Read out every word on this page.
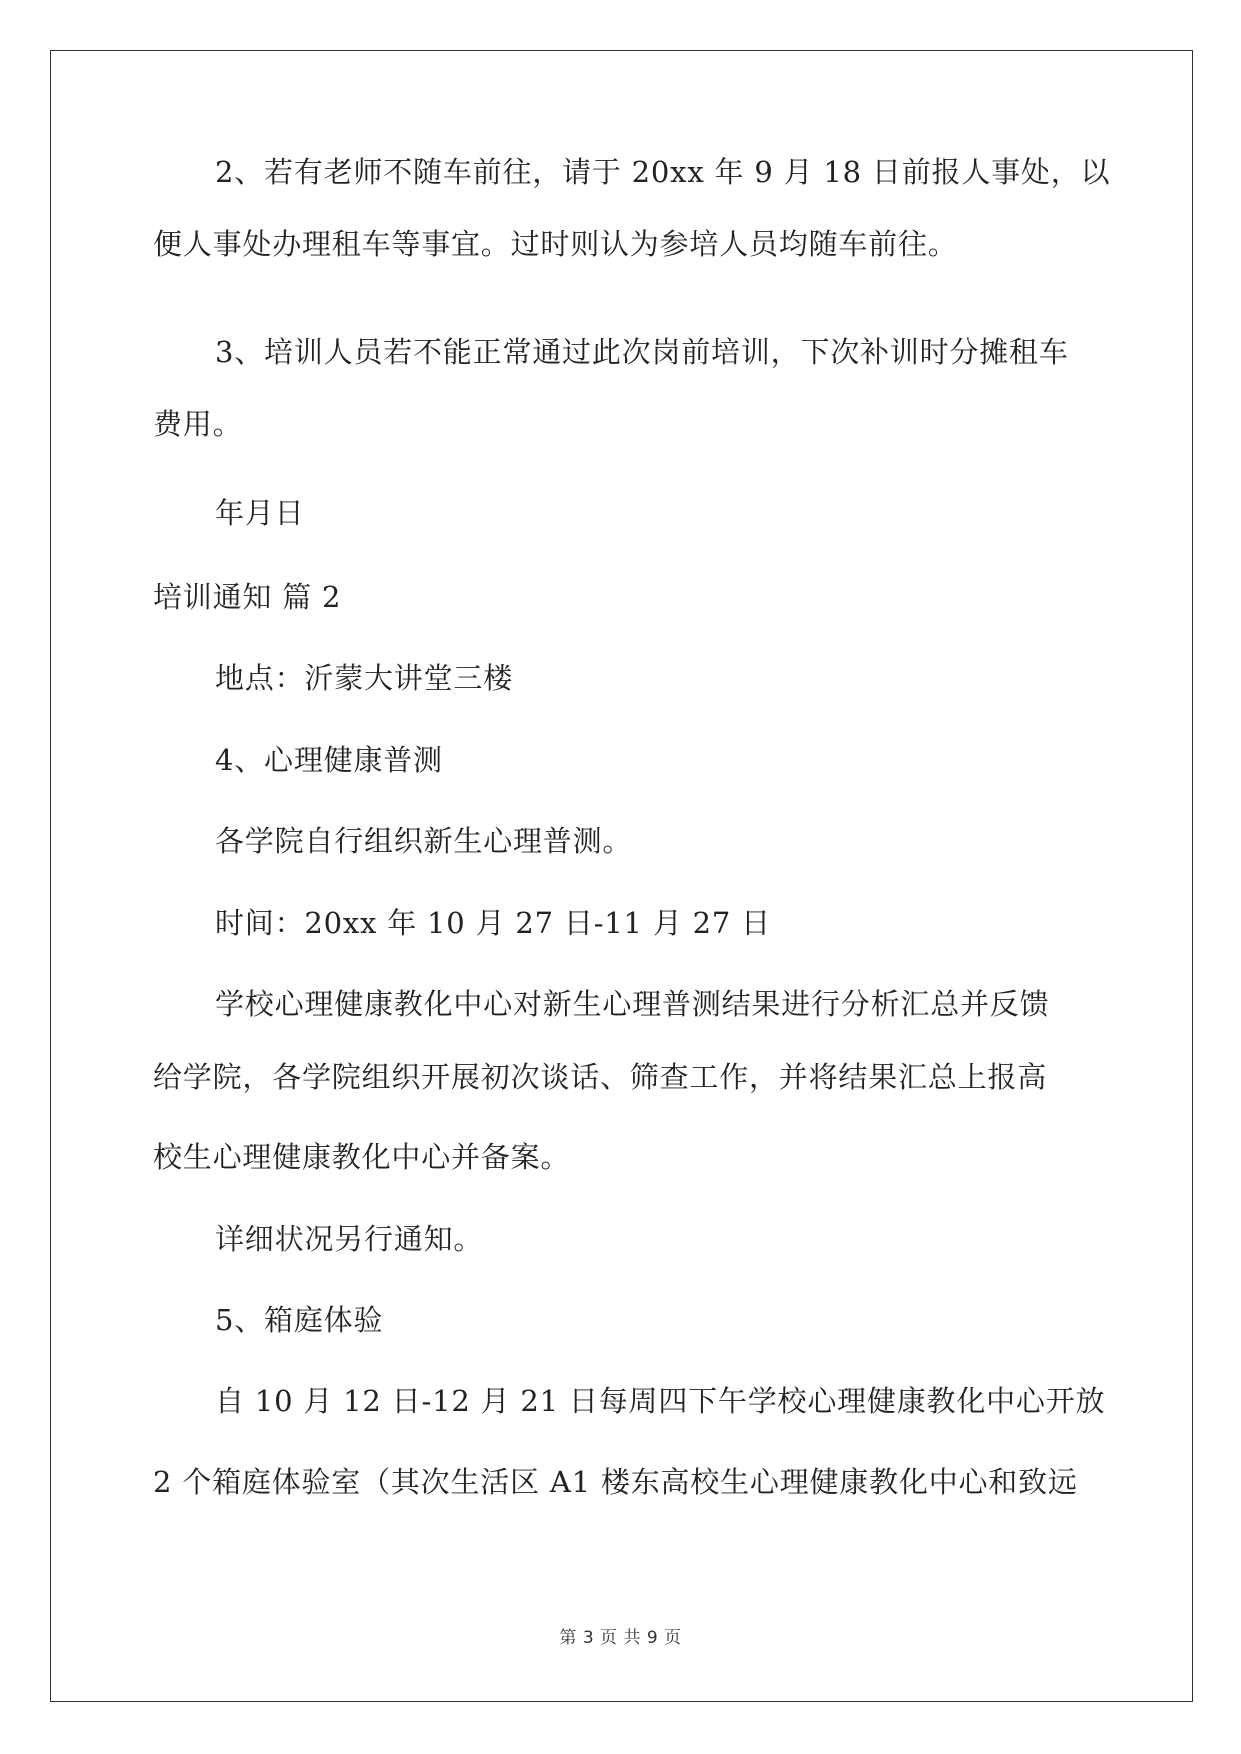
2、若有老师不随车前往，请于 20xx 年 9 月 18 日前报人事处，以
便人事处办理租车等事宜。过时则认为参培人员均随车前往。
3、培训人员若不能正常通过此次岗前培训，下次补训时分摊租车
费用。
年月日
培训通知 篇 2
地点：沂蒙大讲堂三楼
4、心理健康普测
各学院自行组织新生心理普测。
时间：20xx 年 10 月 27 日-11 月 27 日
学校心理健康教化中心对新生心理普测结果进行分析汇总并反馈
给学院，各学院组织开展初次谈话、筛查工作，并将结果汇总上报高
校生心理健康教化中心并备案。
详细状况另行通知。
5、箱庭体验
自 10 月 12 日-12 月 21 日每周四下午学校心理健康教化中心开放
2 个箱庭体验室（其次生活区 A1 楼东高校生心理健康教化中心和致远
第 3 页 共 9 页
